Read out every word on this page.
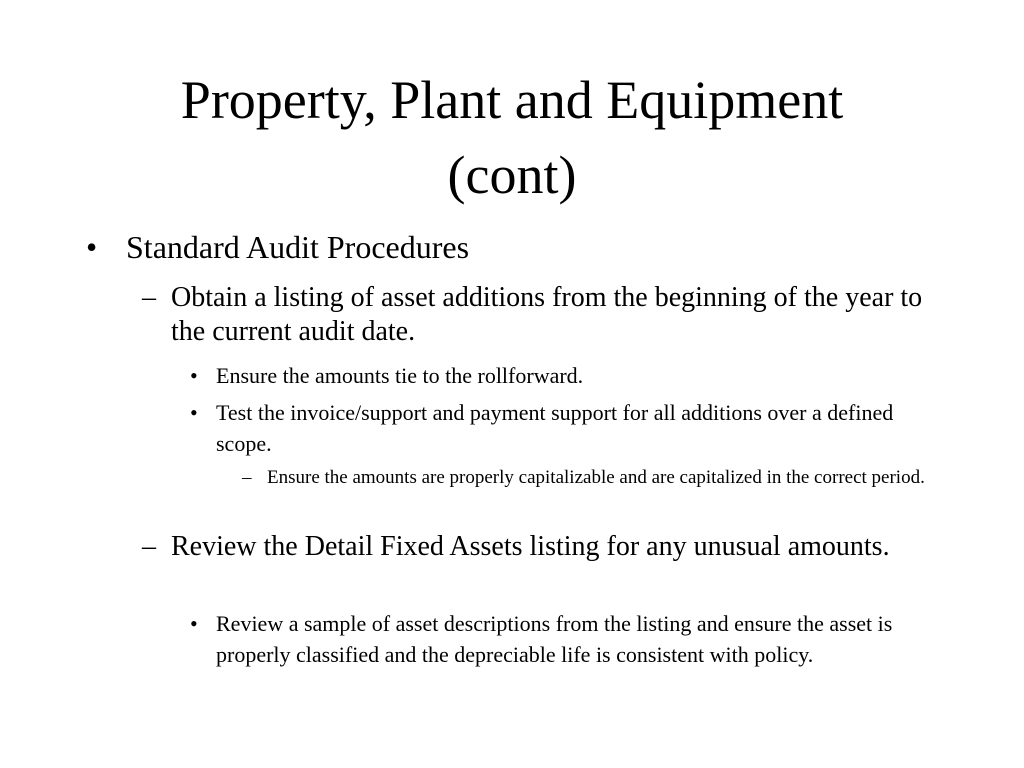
Property, Plant and Equipment
(cont)
• Standard Audit Procedures
– Obtain a listing of asset additions from the beginning of the year to the current audit date.
• Ensure the amounts tie to the rollforward.
• Test the invoice/support and payment support for all additions over a defined scope.
– Ensure the amounts are properly capitalizable and are capitalized in the correct period.
– Review the Detail Fixed Assets listing for any unusual amounts.
• Review a sample of asset descriptions from the listing and ensure the asset is properly classified and the depreciable life is consistent with policy.
